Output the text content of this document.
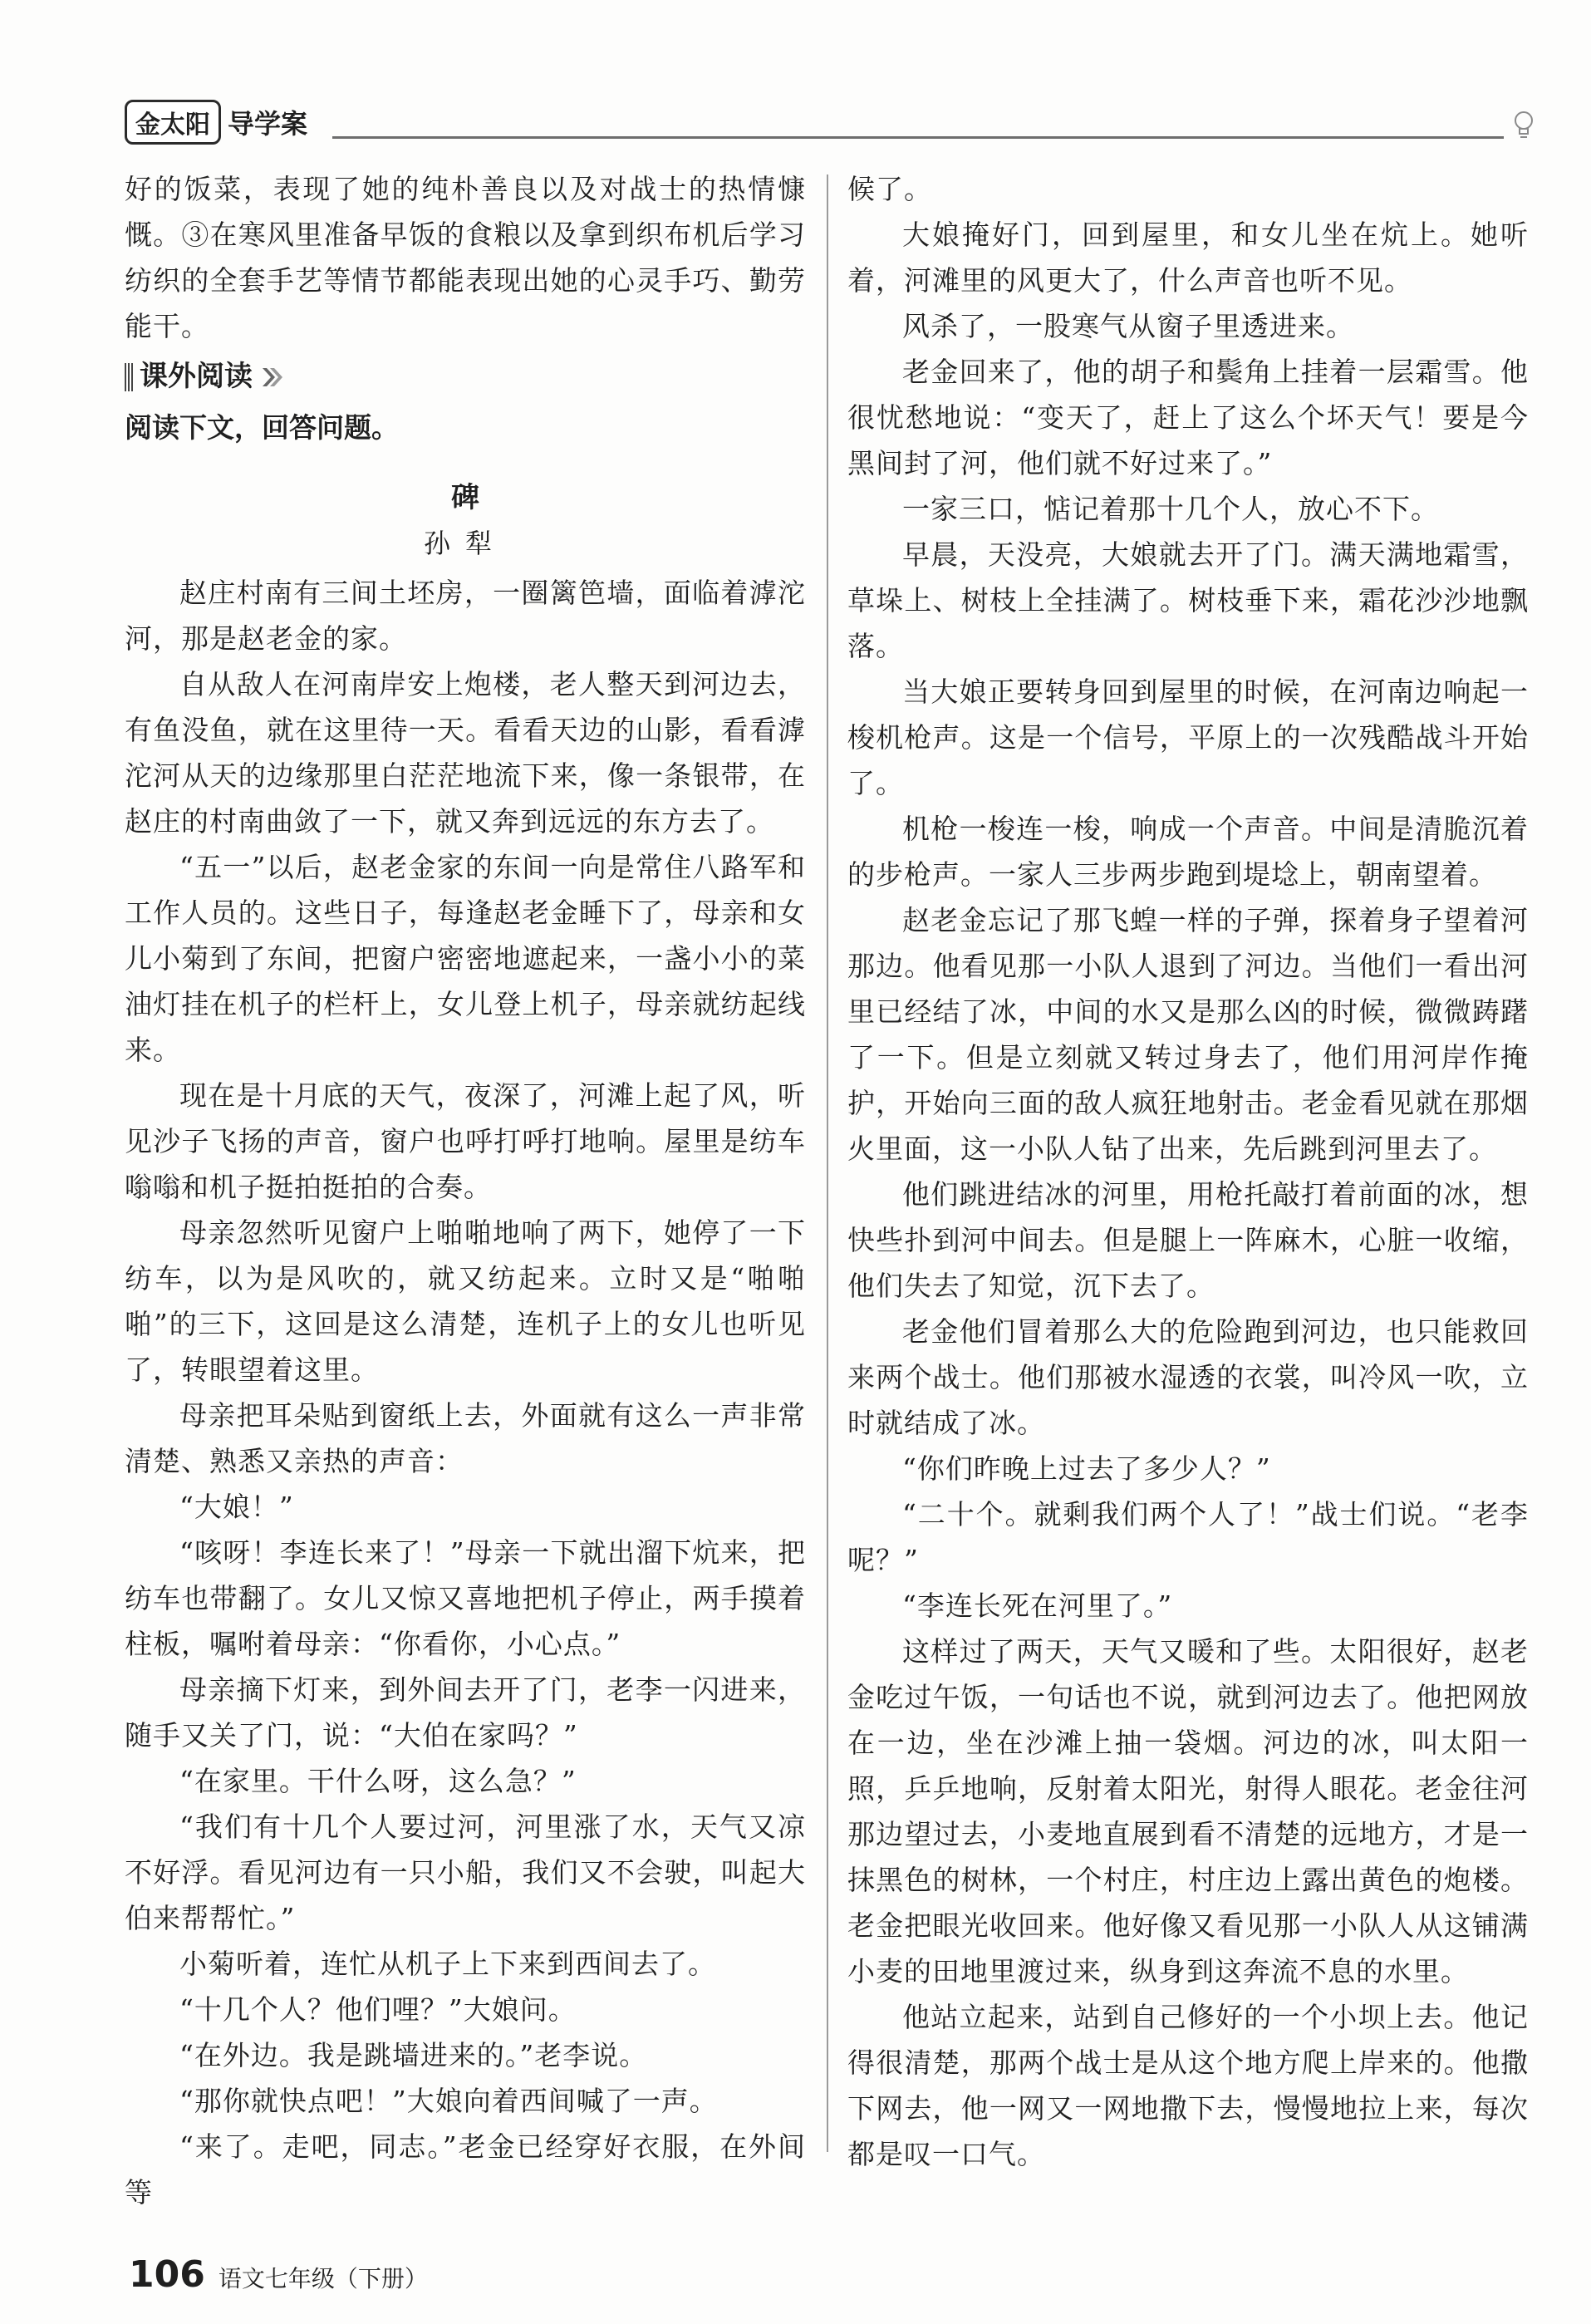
金太阳 导学案

好的饭菜，表现了她的纯朴善良以及对战士的热情慷慨。③在寒风里准备早饭的食粮以及拿到织布机后学习纺织的全套手艺等情节都能表现出她的心灵手巧、勤劳能干。

课外阅读

阅读下文，回答问题。

碑

孙犁

赵庄村南有三间土坯房，一圈篱笆墙，面临着滹沱河，那是赵老金的家。

自从敌人在河南岸安上炮楼，老人整天到河边去，有鱼没鱼，就在这里待一天。看看天边的山影，看看滹沱河从天的边缘那里白茫茫地流下来，像一条银带，在赵庄的村南曲敛了一下，就又奔到远远的东方去了。

“五一”以后，赵老金家的东间一向是常住八路军和工作人员的。这些日子，每逢赵老金睡下了，母亲和女儿小菊到了东间，把窗户密密地遮起来，一盏小小的菜油灯挂在机子的栏杆上，女儿登上机子，母亲就纺起线来。

现在是十月底的天气，夜深了，河滩上起了风，听见沙子飞扬的声音，窗户也呼打呼打地响。屋里是纺车嗡嗡和机子挺拍挺拍的合奏。

母亲忽然听见窗户上啪啪地响了两下，她停了一下纺车，以为是风吹的，就又纺起来。立时又是“啪啪啪”的三下，这回是这么清楚，连机子上的女儿也听见了，转眼望着这里。

母亲把耳朵贴到窗纸上去，外面就有这么一声非常清楚、熟悉又亲热的声音：

“大娘！”

“咳呀！李连长来了！”母亲一下就出溜下炕来，把纺车也带翻了。女儿又惊又喜地把机子停止，两手摸着柱板，嘱咐着母亲：“你看你，小心点。”

母亲摘下灯来，到外间去开了门，老李一闪进来，随手又关了门，说：“大伯在家吗？”

“在家里。干什么呀，这么急？”

“我们有十几个人要过河，河里涨了水，天气又凉不好浮。看见河边有一只小船，我们又不会驶，叫起大伯来帮帮忙。”

小菊听着，连忙从机子上下来到西间去了。

“十几个人？他们哩？”大娘问。

“在外边。我是跳墙进来的。”老李说。

“那你就快点吧！”大娘向着西间喊了一声。

“来了。走吧，同志。”老金已经穿好衣服，在外间等

候了。

大娘掩好门，回到屋里，和女儿坐在炕上。她听着，河滩里的风更大了，什么声音也听不见。

风杀了，一股寒气从窗子里透进来。

老金回来了，他的胡子和鬓角上挂着一层霜雪。他很忧愁地说：“变天了，赶上了这么个坏天气！要是今黑间封了河，他们就不好过来了。”

一家三口，惦记着那十几个人，放心不下。

早晨，天没亮，大娘就去开了门。满天满地霜雪，草垛上、树枝上全挂满了。树枝垂下来，霜花沙沙地飘落。

当大娘正要转身回到屋里的时候，在河南边响起一梭机枪声。这是一个信号，平原上的一次残酷战斗开始了。

机枪一梭连一梭，响成一个声音。中间是清脆沉着的步枪声。一家人三步两步跑到堤埝上，朝南望着。

赵老金忘记了那飞蝗一样的子弹，探着身子望着河那边。他看见那一小队人退到了河边。当他们一看出河里已经结了冰，中间的水又是那么凶的时候，微微踌躇了一下。但是立刻就又转过身去了，他们用河岸作掩护，开始向三面的敌人疯狂地射击。老金看见就在那烟火里面，这一小队人钻了出来，先后跳到河里去了。

他们跳进结冰的河里，用枪托敲打着前面的冰，想快些扑到河中间去。但是腿上一阵麻木，心脏一收缩，他们失去了知觉，沉下去了。

老金他们冒着那么大的危险跑到河边，也只能救回来两个战士。他们那被水湿透的衣裳，叫冷风一吹，立时就结成了冰。

“你们昨晚上过去了多少人？”

“二十个。就剩我们两个人了！”战士们说。“老李呢？”

“李连长死在河里了。”

这样过了两天，天气又暖和了些。太阳很好，赵老金吃过午饭，一句话也不说，就到河边去了。他把网放在一边，坐在沙滩上抽一袋烟。河边的冰，叫太阳一照，乒乒地响，反射着太阳光，射得人眼花。老金往河那边望过去，小麦地直展到看不清楚的远地方，才是一抹黑色的树林，一个村庄，村庄边上露出黄色的炮楼。老金把眼光收回来。他好像又看见那一小队人从这铺满小麦的田地里渡过来，纵身到这奔流不息的水里。

他站立起来，站到自己修好的一个小坝上去。他记得很清楚，那两个战士是从这个地方爬上岸来的。他撒下网去，他一网又一网地撒下去，慢慢地拉上来，每次都是叹一口气。

106 语文七年级（下册）
